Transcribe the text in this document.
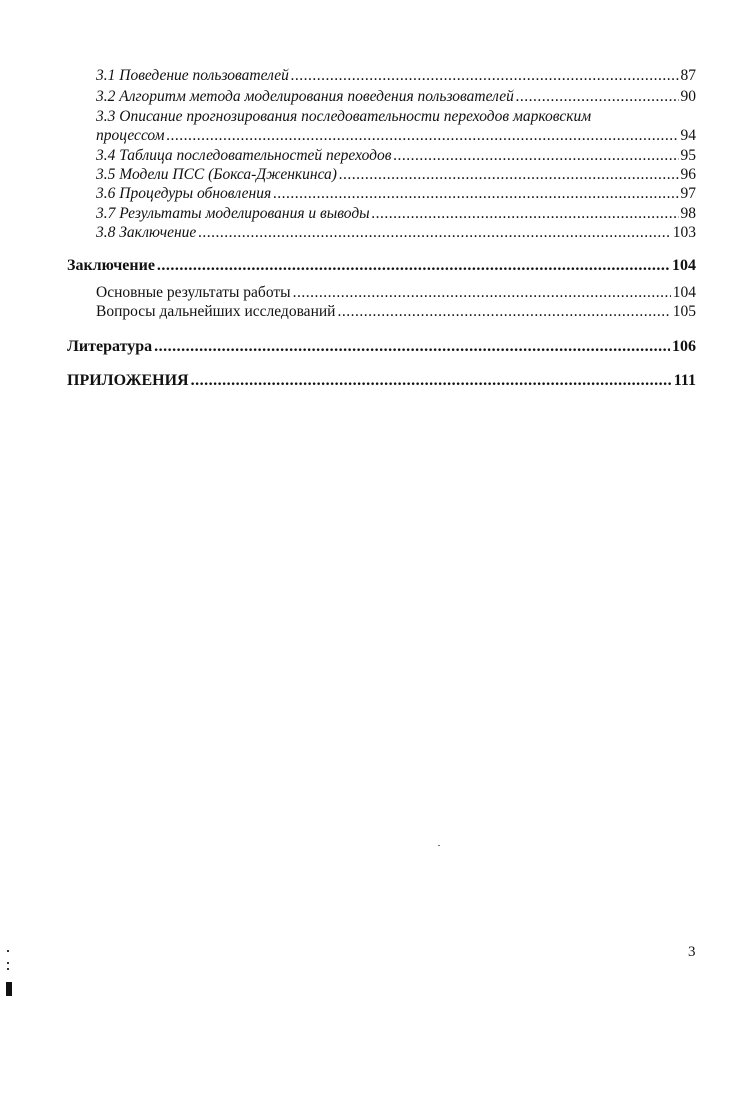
3.1 Поведение пользователей .....	87
3.2 Алгоритм метода моделирования поведения пользователей .....	90
3.3 Описание прогнозирования последовательности переходов марковским
процессом .....	94
3.4 Таблица последовательностей переходов .....	95
3.5 Модели ПСС (Бокса-Дженкинса) .....	96
3.6 Процедуры обновления .....	97
3.7 Результаты моделирования и выводы .....	98
3.8 Заключение .....	103
Заключение .....	104
Основные результаты работы .....	104
Вопросы дальнейших исследований .....	105
Литература .....	106
ПРИЛОЖЕНИЯ .....	111
3
